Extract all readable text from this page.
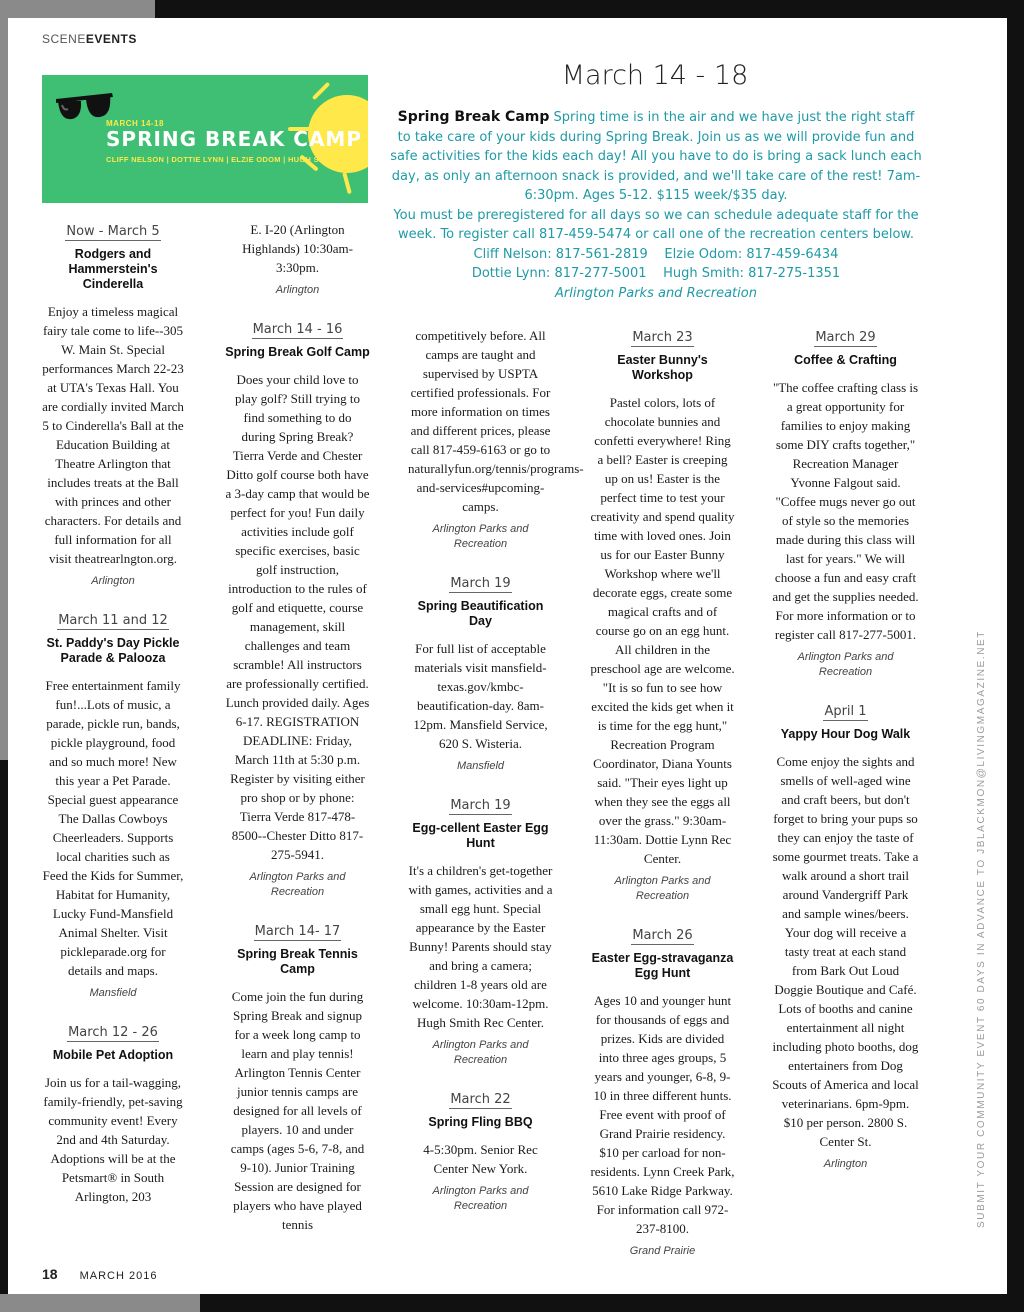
SCENEEVENTS
MARCH 14-18
SPRING BREAK CAMP
CLIFF NELSON | DOTTIE LYNN | ELZIE ODOM | HUGH SMITH
March 14 - 18
Spring Break Camp Spring time is in the air and we have just the right staff to take care of your kids during Spring Break. Join us as we will provide fun and safe activities for the kids each day! All you have to do is bring a sack lunch each day, as only an afternoon snack is provided, and we'll take care of the rest! 7am-6:30pm. Ages 5-12. $115 week/$35 day.
You must be preregistered for all days so we can schedule adequate staff for the week. To register call 817-459-5474 or call one of the recreation centers below.
Cliff Nelson: 817-561-2819    Elzie Odom: 817-459-6434
Dottie Lynn: 817-277-5001    Hugh Smith: 817-275-1351
Arlington Parks and Recreation
Now - March 5
Rodgers and Hammerstein's Cinderella
Enjoy a timeless magical fairy tale come to life--305 W. Main St. Special performances March 22-23 at UTA's Texas Hall. You are cordially invited March 5 to Cinderella's Ball at the Education Building at Theatre Arlington that includes treats at the Ball with princes and other characters. For details and full information for all visit theatrearlngton.org.
Arlington
March 11 and 12
St. Paddy's Day Pickle Parade & Palooza
Free entertainment family fun!...Lots of music, a parade, pickle run, bands, pickle playground, food and so much more! New this year a Pet Parade. Special guest appearance The Dallas Cowboys Cheerleaders. Supports local charities such as Feed the Kids for Summer, Habitat for Humanity, Lucky Fund-Mansfield Animal Shelter. Visit pickleparade.org for details and maps.
Mansfield
March 12 - 26
Mobile Pet Adoption
Join us for a tail-wagging, family-friendly, pet-saving community event! Every 2nd and 4th Saturday. Adoptions will be at the Petsmart® in South Arlington, 203
E. I-20 (Arlington Highlands) 10:30am-3:30pm.
Arlington
March 14 - 16
Spring Break Golf Camp
Does your child love to play golf? Still trying to find something to do during Spring Break? Tierra Verde and Chester Ditto golf course both have a 3-day camp that would be perfect for you! Fun daily activities include golf specific exercises, basic golf instruction, introduction to the rules of golf and etiquette, course management, skill challenges and team scramble! All instructors are professionally certified. Lunch provided daily. Ages 6-17. REGISTRATION DEADLINE: Friday, March 11th at 5:30 p.m. Register by visiting either pro shop or by phone: Tierra Verde 817-478-8500--Chester Ditto 817- 275-5941.
Arlington Parks and Recreation
March 14- 17
Spring Break Tennis Camp
Come join the fun during Spring Break and signup for a week long camp to learn and play tennis! Arlington Tennis Center junior tennis camps are designed for all levels of players. 10 and under camps (ages 5-6, 7-8, and 9-10). Junior Training Session are designed for players who have played tennis
competitively before. All camps are taught and supervised by USPTA certified professionals. For more information on times and different prices, please call 817-459-6163 or go to naturallyfun.org/tennis/programs-and-services#upcoming-camps.
Arlington Parks and Recreation
March 19
Spring Beautification Day
For full list of acceptable materials visit mansfield-texas.gov/kmbc-beautification-day. 8am-12pm. Mansfield Service, 620 S. Wisteria.
Mansfield
March 19
Egg-cellent Easter Egg Hunt
It's a children's get-together with games, activities and a small egg hunt. Special appearance by the Easter Bunny! Parents should stay and bring a camera; children 1-8 years old are welcome. 10:30am-12pm. Hugh Smith Rec Center.
Arlington Parks and Recreation
March 22
Spring Fling BBQ
4-5:30pm. Senior Rec Center New York.
Arlington Parks and Recreation
March 23
Easter Bunny's Workshop
Pastel colors, lots of chocolate bunnies and confetti everywhere! Ring a bell? Easter is creeping up on us! Easter is the perfect time to test your creativity and spend quality time with loved ones. Join us for our Easter Bunny Workshop where we'll decorate eggs, create some magical crafts and of course go on an egg hunt. All children in the preschool age are welcome. "It is so fun to see how excited the kids get when it is time for the egg hunt," Recreation Program Coordinator, Diana Younts said. "Their eyes light up when they see the eggs all over the grass." 9:30am-11:30am. Dottie Lynn Rec Center.
Arlington Parks and Recreation
March 26
Easter Egg-stravaganza Egg Hunt
Ages 10 and younger hunt for thousands of eggs and prizes. Kids are divided into three ages groups, 5 years and younger, 6-8, 9-10 in three different hunts. Free event with proof of Grand Prairie residency. $10 per carload for non-residents. Lynn Creek Park, 5610 Lake Ridge Parkway. For information call 972-237-8100.
Grand Prairie
March 29
Coffee & Crafting
"The coffee crafting class is a great opportunity for families to enjoy making some DIY crafts together," Recreation Manager Yvonne Falgout said. "Coffee mugs never go out of style so the memories made during this class will last for years." We will choose a fun and easy craft and get the supplies needed. For more information or to register call 817-277-5001.
Arlington Parks and Recreation
April 1
Yappy Hour Dog Walk
Come enjoy the sights and smells of well-aged wine and craft beers, but don't forget to bring your pups so they can enjoy the taste of some gourmet treats. Take a walk around a short trail around Vandergriff Park and sample wines/beers. Your dog will receive a tasty treat at each stand from Bark Out Loud Doggie Boutique and Café. Lots of booths and canine entertainment all night including photo booths, dog entertainers from Dog Scouts of America and local veterinarians. 6pm-9pm. $10 per person. 2800 S. Center St.
Arlington	SUBMIT YOUR COMMUNITY EVENT 60 DAYS IN ADVANCE TO JBLACKMON@LIVINGMAGAZINE.NET
18 MARCH 2016
